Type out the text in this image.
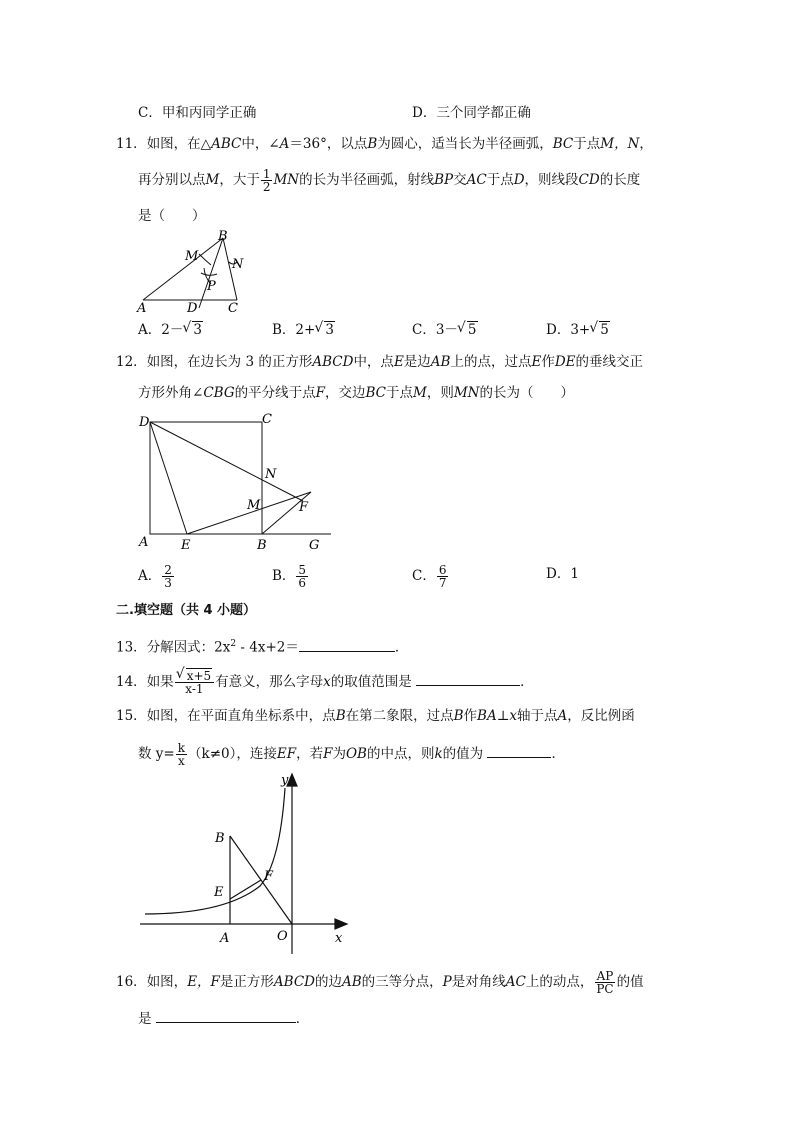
C．甲和丙同学正确	D．三个同学都正确
11．如图，在△ABC中，∠A＝36°，以点B为圆心，适当长为半径画弧，BC于点M，N，
再分别以点M，大于 $\frac{1}{2}$ MN的长为半径画弧，射线BP交AC于点D，则线段CD的长度
是（　　）
B
M
N
P
A	D C
A．2－ √ 3	B．2+ √ 3	C．3－ √ 5	D．3+ √ 5
12．如图，在边长为 3 的正方形ABCD中，点E是边AB上的点，过点E作DE的垂线交正
方形外角∠CBG的平分线于点F，交边BC于点M，则MN的长为（　　）
D	C
N
M	F
A	E	B	G
A． $\frac{2}{3}$	B． $\frac{5}{6}$	C． $\frac{6}{7}$	D．1
二.填空题（共 4 小题）
13．分解因式：$2x^2 - 4x+2=$	．
14．如果 √ $\frac{x+5}{x-1}$ 有意义，那么字母x的取值范围是	．
15．如图，在平面直角坐标系中，点B在第二象限，过点B作BA⊥x轴于点A，反比例函
数 $y= \frac{k}{x} (k\ne 0)$，连接EF，若F为OB的中点，则k的值为	．
y
B
E
F
A	O	x
16．如图，E，F是正方形ABCD的边AB的三等分点，P是对角线AC上的动点， $\frac{AP}{PC}$ 的值
是	．
